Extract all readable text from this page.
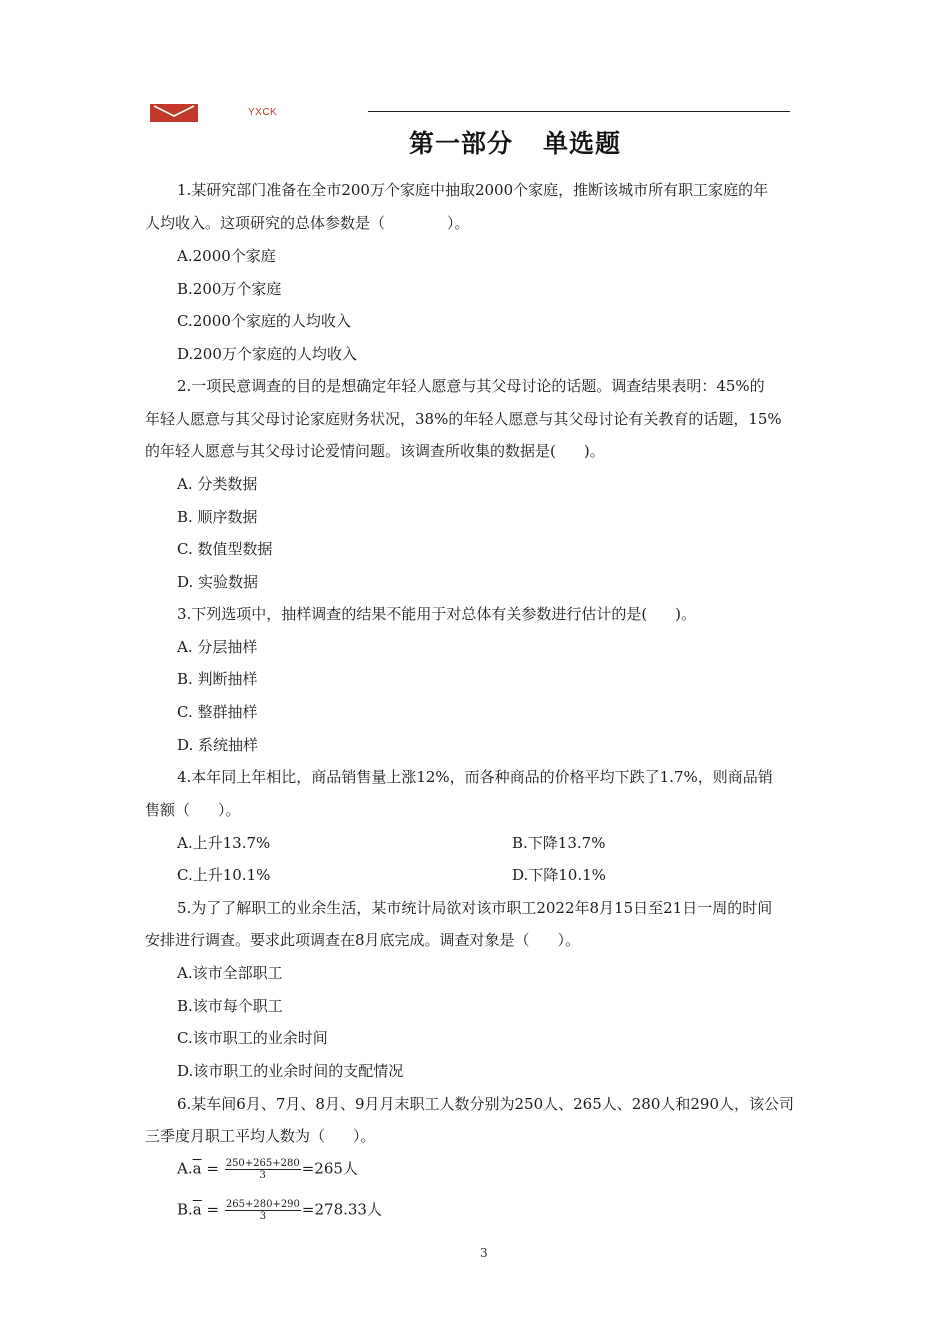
YXCK
第一部分 单选题
1.某研究部门准备在全市200万个家庭中抽取2000个家庭，推断该城市所有职工家庭的年
人均收入。这项研究的总体参数是（	）。
A.2000个家庭
B.200万个家庭
C.2000个家庭的人均收入
D.200万个家庭的人均收入
2.一项民意调查的目的是想确定年轻人愿意与其父母讨论的话题。调查结果表明：45%的
年轻人愿意与其父母讨论家庭财务状况，38%的年轻人愿意与其父母讨论有关教育的话题，15%
的年轻人愿意与其父母讨论爱情问题。该调查所收集的数据是( )。
A. 分类数据
B. 顺序数据
C. 数值型数据
D. 实验数据
3.下列选项中，抽样调查的结果不能用于对总体有关参数进行估计的是( )。
A. 分层抽样
B. 判断抽样
C. 整群抽样
D. 系统抽样
4.本年同上年相比，商品销售量上涨12%，而各种商品的价格平均下跌了1.7%，则商品销
售额（ ）。
A.上升13.7%	B.下降13.7%
C.上升10.1%	D.下降10.1%
5.为了了解职工的业余生活，某市统计局欲对该市职工2022年8月15日至21日一周的时间
安排进行调查。要求此项调查在8月底完成。调查对象是（ ）。
A.该市全部职工
B.该市每个职工
C.该市职工的业余时间
D.该市职工的业余时间的支配情况
6.某车间6月、7月、8月、9月月末职工人数分别为250人、265人、280人和290人，该公司
三季度月职工平均人数为（ ）。
$A.\overline{a} = \frac{250+265+280}{3} =265$人
$B.\overline{a} = \frac{265+280+290}{3} =278.33$人
3
